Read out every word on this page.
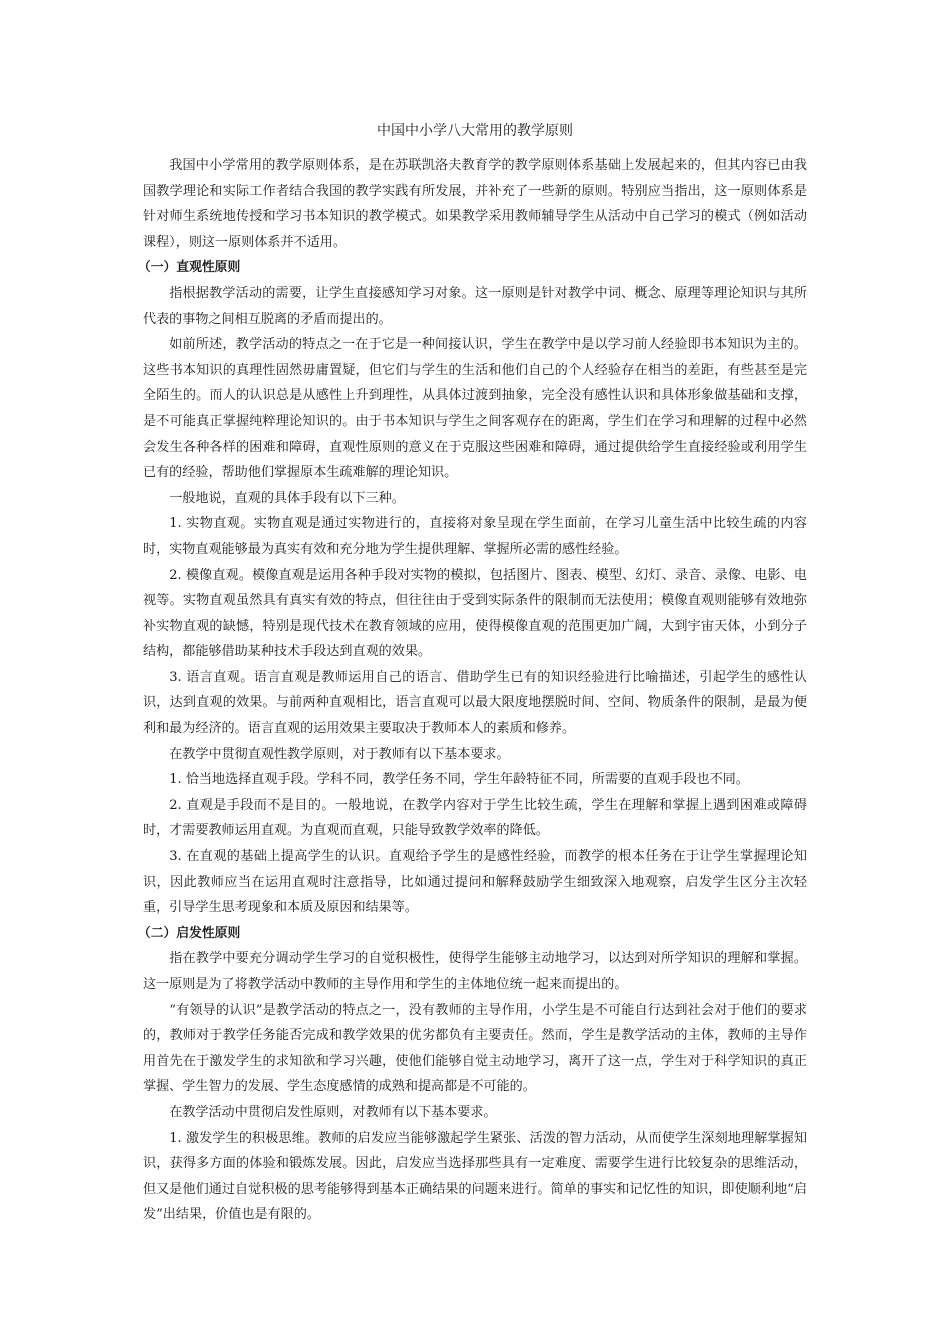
中国中小学八大常用的教学原则

我国中小学常用的教学原则体系，是在苏联凯洛夫教育学的教学原则体系基础上发展起来的，但其内容已由我国教学理论和实际工作者结合我国的教学实践有所发展，并补充了一些新的原则。特别应当指出，这一原则体系是针对师生系统地传授和学习书本知识的教学模式。如果教学采用教师辅导学生从活动中自己学习的模式（例如活动课程），则这一原则体系并不适用。

（一）直观性原则

指根据教学活动的需要，让学生直接感知学习对象。这一原则是针对教学中词、概念、原理等理论知识与其所代表的事物之间相互脱离的矛盾而提出的。

如前所述，教学活动的特点之一在于它是一种间接认识，学生在教学中是以学习前人经验即书本知识为主的。这些书本知识的真理性固然毋庸置疑，但它们与学生的生活和他们自己的个人经验存在相当的差距，有些甚至是完全陌生的。而人的认识总是从感性上升到理性，从具体过渡到抽象，完全没有感性认识和具体形象做基础和支撑，是不可能真正掌握纯粹理论知识的。由于书本知识与学生之间客观存在的距离，学生们在学习和理解的过程中必然会发生各种各样的困难和障碍，直观性原则的意义在于克服这些困难和障碍，通过提供给学生直接经验或利用学生已有的经验，帮助他们掌握原本生疏难解的理论知识。

一般地说，直观的具体手段有以下三种。

1. 实物直观。实物直观是通过实物进行的，直接将对象呈现在学生面前，在学习儿童生活中比较生疏的内容时，实物直观能够最为真实有效和充分地为学生提供理解、掌握所必需的感性经验。

2. 模像直观。模像直观是运用各种手段对实物的模拟，包括图片、图表、模型、幻灯、录音、录像、电影、电视等。实物直观虽然具有真实有效的特点，但往往由于受到实际条件的限制而无法使用；模像直观则能够有效地弥补实物直观的缺憾，特别是现代技术在教育领域的应用，使得模像直观的范围更加广阔，大到宇宙天体，小到分子结构，都能够借助某种技术手段达到直观的效果。

3. 语言直观。语言直观是教师运用自己的语言、借助学生已有的知识经验进行比喻描述，引起学生的感性认识，达到直观的效果。与前两种直观相比，语言直观可以最大限度地摆脱时间、空间、物质条件的限制，是最为便利和最为经济的。语言直观的运用效果主要取决于教师本人的素质和修养。

在教学中贯彻直观性教学原则，对于教师有以下基本要求。

1. 恰当地选择直观手段。学科不同，教学任务不同，学生年龄特征不同，所需要的直观手段也不同。

2. 直观是手段而不是目的。一般地说，在教学内容对于学生比较生疏，学生在理解和掌握上遇到困难或障碍时，才需要教师运用直观。为直观而直观，只能导致教学效率的降低。

3. 在直观的基础上提高学生的认识。直观给予学生的是感性经验，而教学的根本任务在于让学生掌握理论知识，因此教师应当在运用直观时注意指导，比如通过提问和解释鼓励学生细致深入地观察，启发学生区分主次轻重，引导学生思考现象和本质及原因和结果等。

（二）启发性原则

指在教学中要充分调动学生学习的自觉积极性，使得学生能够主动地学习，以达到对所学知识的理解和掌握。这一原则是为了将教学活动中教师的主导作用和学生的主体地位统一起来而提出的。

“有领导的认识”是教学活动的特点之一，没有教师的主导作用，小学生是不可能自行达到社会对于他们的要求的，教师对于教学任务能否完成和教学效果的优劣都负有主要责任。然而，学生是教学活动的主体，教师的主导作用首先在于激发学生的求知欲和学习兴趣，使他们能够自觉主动地学习，离开了这一点，学生对于科学知识的真正掌握、学生智力的发展、学生态度感情的成熟和提高都是不可能的。

在教学活动中贯彻启发性原则，对教师有以下基本要求。

1. 激发学生的积极思维。教师的启发应当能够激起学生紧张、活泼的智力活动，从而使学生深刻地理解掌握知识，获得多方面的体验和锻炼发展。因此，启发应当选择那些具有一定难度、需要学生进行比较复杂的思维活动，但又是他们通过自觉积极的思考能够得到基本正确结果的问题来进行。简单的事实和记忆性的知识，即使顺利地“启发”出结果，价值也是有限的。
